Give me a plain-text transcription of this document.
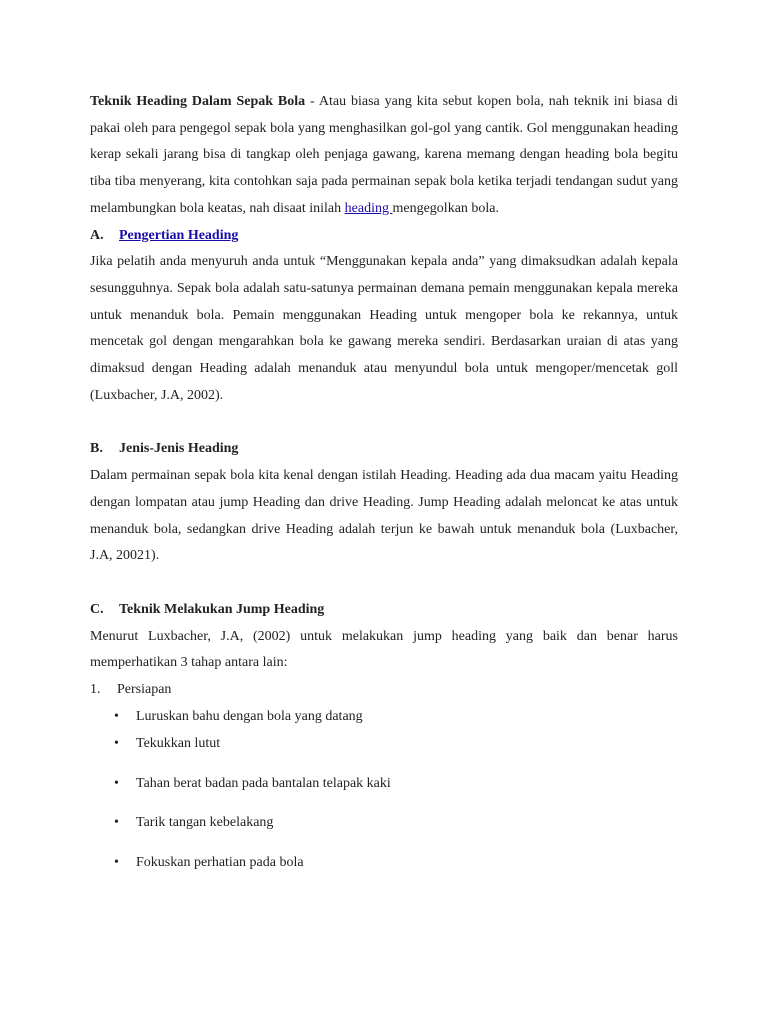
Teknik Heading Dalam Sepak Bola - Atau biasa yang kita sebut kopen bola, nah teknik ini biasa di pakai oleh para pengegol sepak bola yang menghasilkan gol-gol yang cantik. Gol menggunakan heading kerap sekali jarang bisa di tangkap oleh penjaga gawang, karena memang dengan heading bola begitu tiba tiba menyerang, kita contohkan saja pada permainan sepak bola ketika terjadi tendangan sudut yang melambungkan bola keatas, nah disaat inilah heading mengegolkan bola.

A.	Pengertian Heading

Jika pelatih anda menyuruh anda untuk “Menggunakan kepala anda” yang dimaksudkan adalah kepala sesungguhnya. Sepak bola adalah satu-satunya permainan demana pemain menggunakan kepala mereka untuk menanduk bola. Pemain menggunakan Heading untuk mengoper bola ke rekannya, untuk mencetak gol dengan mengarahkan bola ke gawang mereka sendiri. Berdasarkan uraian di atas yang dimaksud dengan Heading adalah menanduk atau menyundul bola untuk mengoper/mencetak goll (Luxbacher, J.A, 2002).

B.	Jenis-Jenis Heading

Dalam permainan sepak bola kita kenal dengan istilah Heading. Heading ada dua macam yaitu Heading dengan lompatan atau jump Heading dan drive Heading. Jump Heading adalah meloncat ke atas untuk menanduk bola, sedangkan drive Heading adalah terjun ke bawah untuk menanduk bola (Luxbacher, J.A, 20021).

C.	Teknik Melakukan Jump Heading

Menurut Luxbacher, J.A, (2002) untuk melakukan jump heading yang baik dan benar harus memperhatikan 3 tahap antara lain:

1.	Persiapan
• Luruskan bahu dengan bola yang datang
• Tekukkan lutut
• Tahan berat badan pada bantalan telapak kaki
• Tarik tangan kebelakang
• Fokuskan perhatian pada bola
